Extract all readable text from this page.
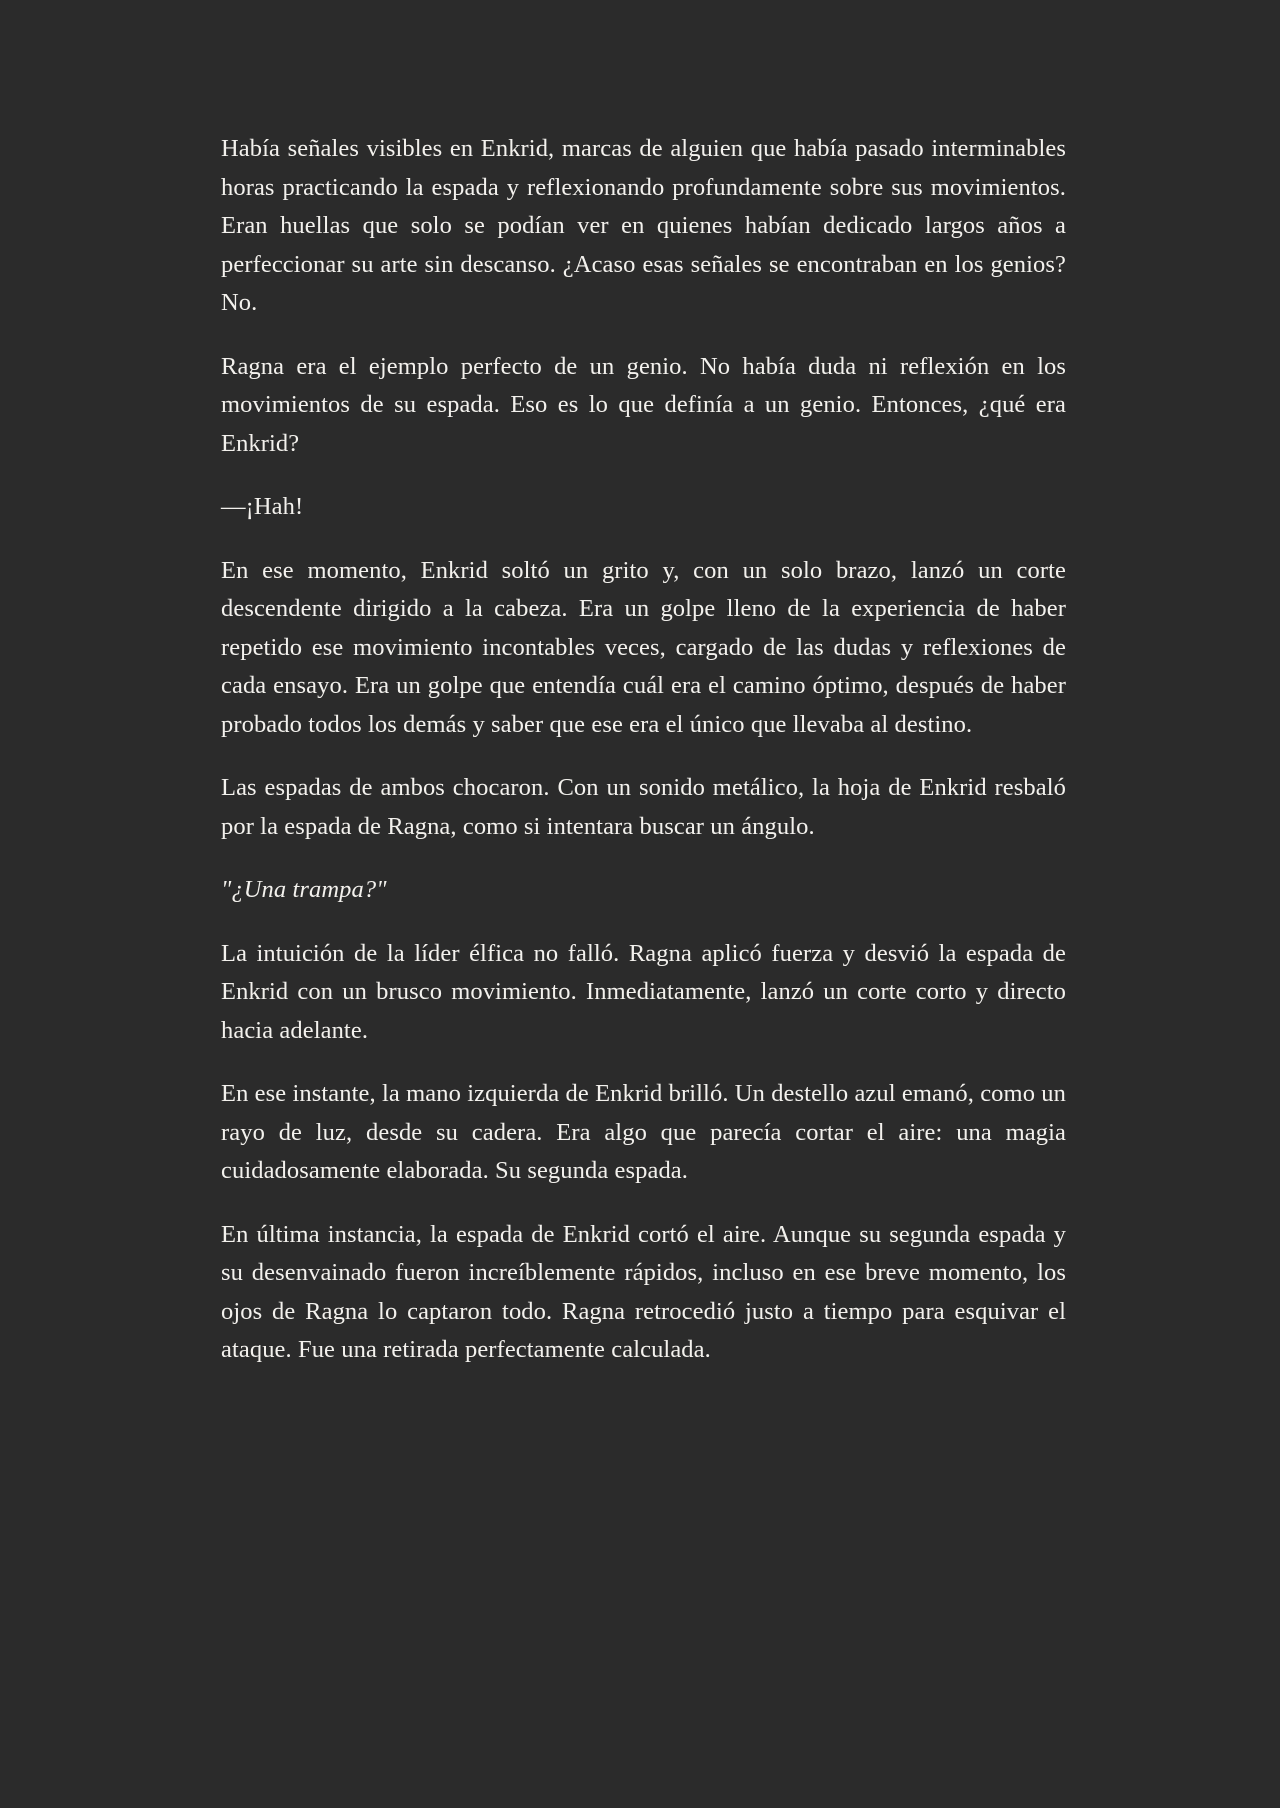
Había señales visibles en Enkrid, marcas de alguien que había pasado interminables horas practicando la espada y reflexionando profundamente sobre sus movimientos. Eran huellas que solo se podían ver en quienes habían dedicado largos años a perfeccionar su arte sin descanso. ¿Acaso esas señales se encontraban en los genios? No.

Ragna era el ejemplo perfecto de un genio. No había duda ni reflexión en los movimientos de su espada. Eso es lo que definía a un genio. Entonces, ¿qué era Enkrid?

—¡Hah!

En ese momento, Enkrid soltó un grito y, con un solo brazo, lanzó un corte descendente dirigido a la cabeza. Era un golpe lleno de la experiencia de haber repetido ese movimiento incontables veces, cargado de las dudas y reflexiones de cada ensayo. Era un golpe que entendía cuál era el camino óptimo, después de haber probado todos los demás y saber que ese era el único que llevaba al destino.

Las espadas de ambos chocaron. Con un sonido metálico, la hoja de Enkrid resbaló por la espada de Ragna, como si intentara buscar un ángulo.

"¿Una trampa?"

La intuición de la líder élfica no falló. Ragna aplicó fuerza y desvió la espada de Enkrid con un brusco movimiento. Inmediatamente, lanzó un corte corto y directo hacia adelante.

En ese instante, la mano izquierda de Enkrid brilló. Un destello azul emanó, como un rayo de luz, desde su cadera. Era algo que parecía cortar el aire: una magia cuidadosamente elaborada. Su segunda espada.

En última instancia, la espada de Enkrid cortó el aire. Aunque su segunda espada y su desenvainado fueron increíblemente rápidos, incluso en ese breve momento, los ojos de Ragna lo captaron todo. Ragna retrocedió justo a tiempo para esquivar el ataque. Fue una retirada perfectamente calculada.
